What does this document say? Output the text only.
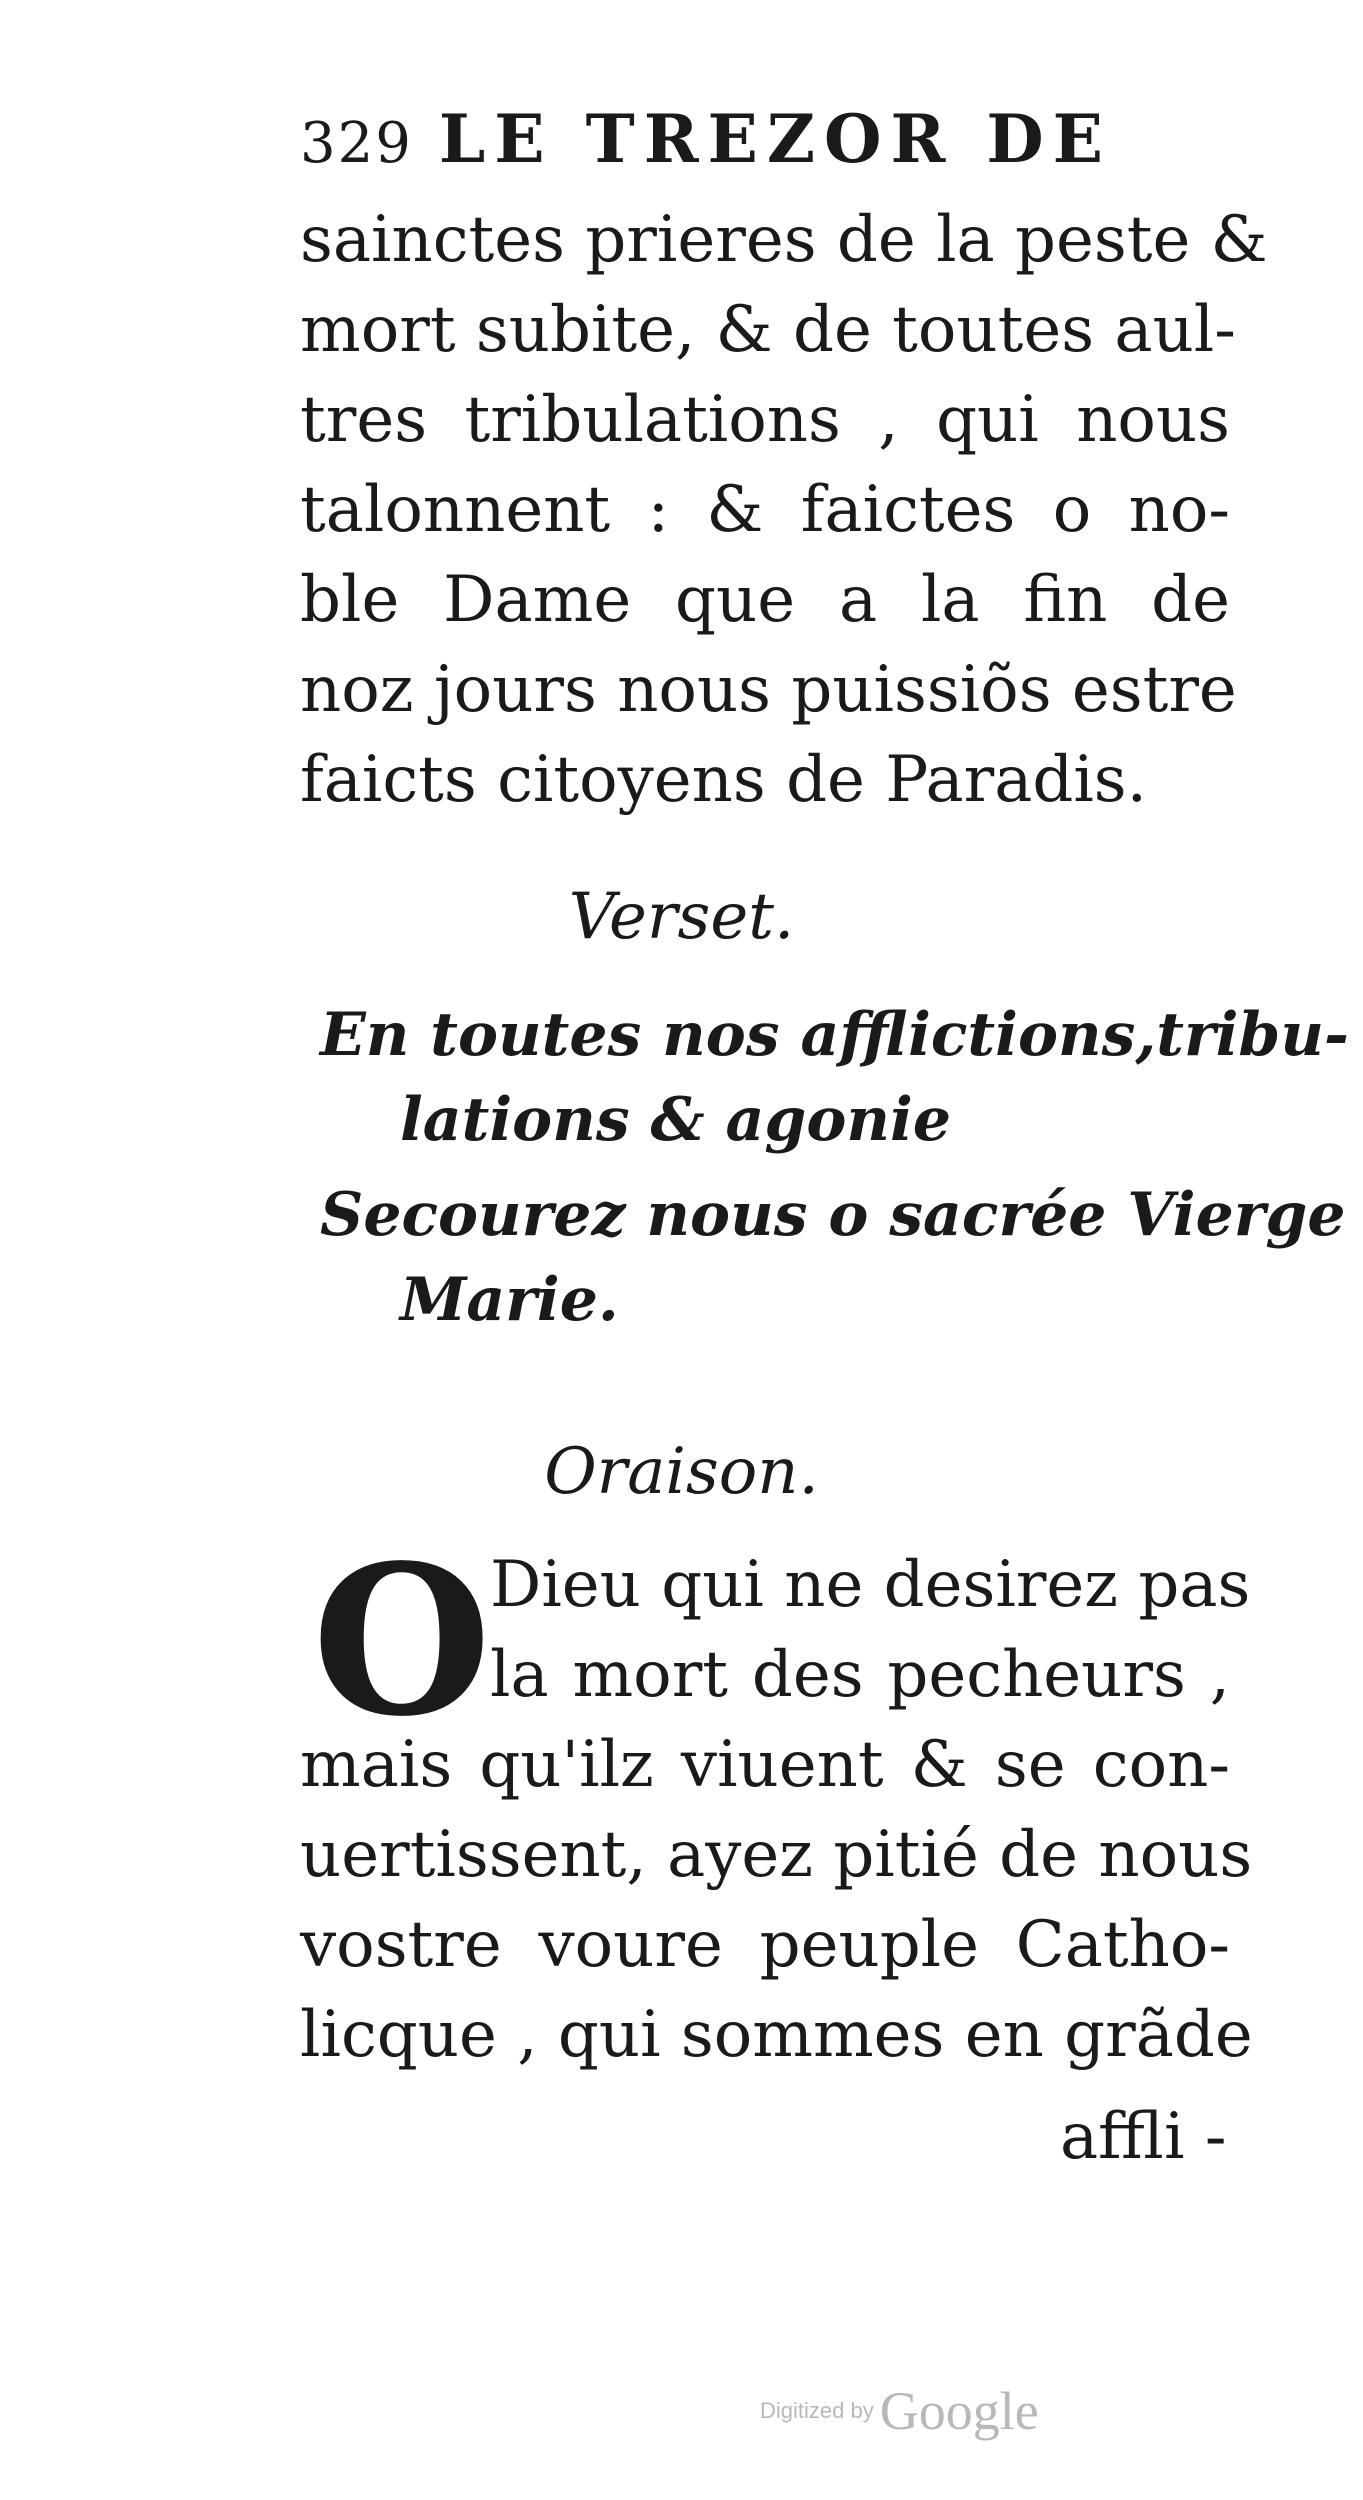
329 LE TREZOR DE
sainctes prieres de la peste &
mort subite, & de toutes aul-
tres tribulations , qui nous
talonnent : & faictes o no-
ble Dame que a la fin de
noz jours nous puissiõs estre
faicts citoyens de Paradis.
Verset.
En toutes nos afflictions,tribu-
lations & agonie
Secourez nous o sacrée Vierge
Marie.
Oraison.
O
Dieu qui ne desirez pas
la mort des pecheurs ,
mais qu'ilz viuent & se con-
uertissent, ayez pitié de nous
vostre voure peuple Catho-
licque , qui sommes en grãde
affli -
Digitized by Google
